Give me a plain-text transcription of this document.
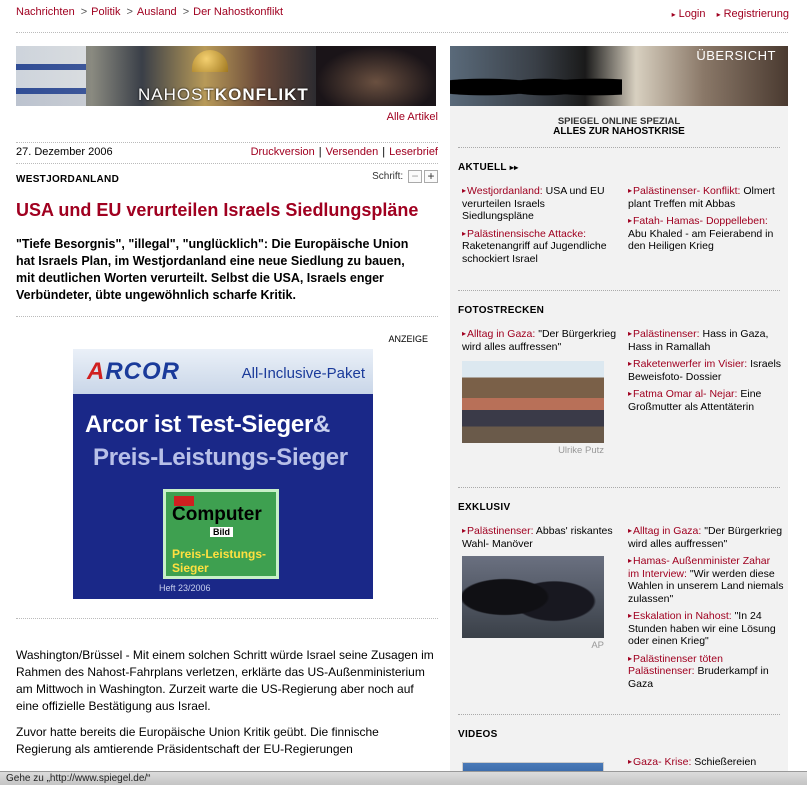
Nachrichten > Politik > Ausland > Der Nahostkonflikt	▸ Login ▸ Registrierung
NAHOSTKONFLIKT
Alle Artikel
27. Dezember 2006	Druckversion | Versenden | Leserbrief
WESTJORDANLAND	Schrift: − +
USA und EU verurteilen Israels Siedlungspläne

"Tiefe Besorgnis", "illegal", "unglücklich": Die Europäische Union hat Israels Plan, im Westjordanland eine neue Siedlung zu bauen, mit deutlichen Worten verurteilt. Selbst die USA, Israels enger Verbündeter, übte ungewöhnlich scharfe Kritik.

ANZEIGE
ARCOR	All-Inclusive-Paket
Arcor ist Test-Sieger&
Preis-Leistungs-Sieger
Computer
Bild
Preis-Leistungs-Sieger
Heft 23/2006

Washington/Brüssel - Mit einem solchen Schritt würde Israel seine Zusagen im Rahmen des Nahost-Fahrplans verletzen, erklärte das US-Außenministerium am Mittwoch in Washington. Zurzeit warte die US-Regierung aber noch auf eine offizielle Bestätigung aus Israel.

Zuvor hatte bereits die Europäische Union Kritik geübt. Die finnische Regierung als amtierende Präsidentschaft der EU-Regierungen

ÜBERSICHT
SPIEGEL ONLINE SPEZIAL
ALLES ZUR NAHOSTKRISE
AKTUELL ▸▸
▸Westjordanland: USA und EU verurteilen Israels Siedlungspläne
▸Palästinensische Attacke: Raketenangriff auf Jugendliche schockiert Israel
▸Palästinenser- Konflikt: Olmert plant Treffen mit Abbas
▸Fatah- Hamas- Doppelleben: Abu Khaled - am Feierabend in den Heiligen Krieg
FOTOSTRECKEN
▸Alltag in Gaza: "Der Bürgerkrieg wird alles auffressen"
Ulrike Putz
▸Palästinenser: Hass in Gaza, Hass in Ramallah
▸Raketenwerfer im Visier: Israels Beweisfoto- Dossier
▸Fatma Omar al- Nejar: Eine Großmutter als Attentäterin
EXKLUSIV
▸Palästinenser: Abbas' riskantes Wahl- Manöver
AP
▸Alltag in Gaza: "Der Bürgerkrieg wird alles auffressen"
▸Hamas- Außenminister Zahar im Interview: "Wir werden diese Wahlen in unserem Land niemals zulassen"
▸Eskalation in Nahost: "In 24 Stunden haben wir eine Lösung oder einen Krieg"
▸Palästinenser töten Palästinenser: Bruderkampf in Gaza
VIDEOS
▸Gaza- Krise: Schießereien
Gehe zu „http://www.spiegel.de/“
